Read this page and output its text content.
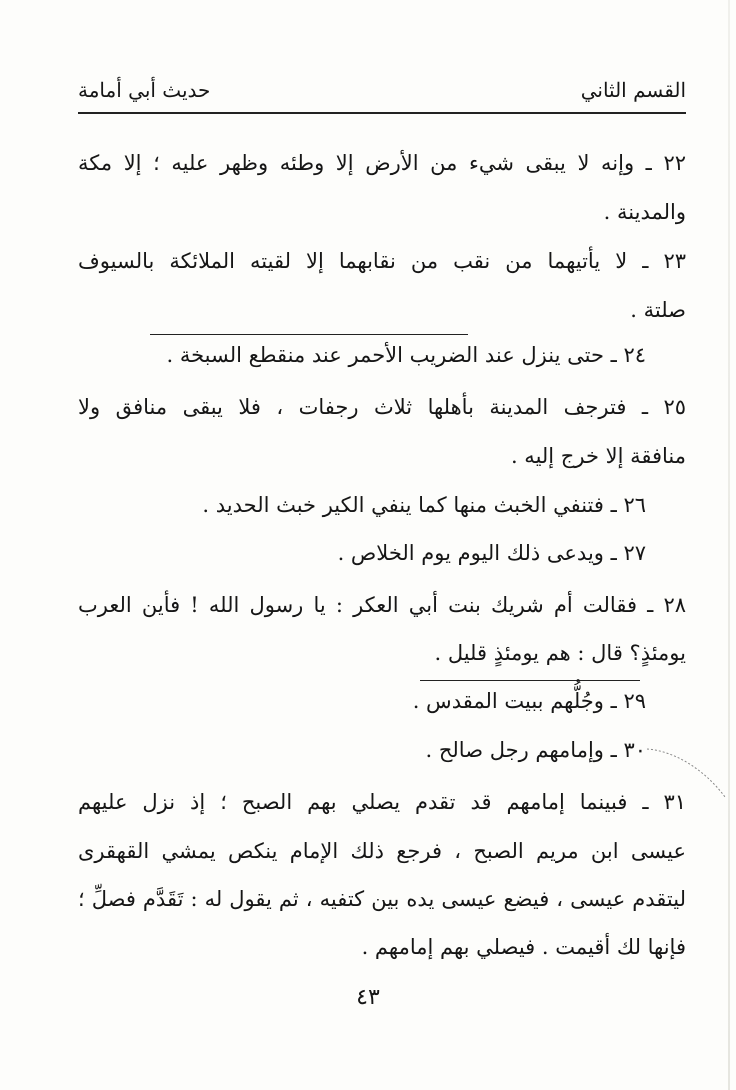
القسم الثاني
حديث أبي أمامة
٢٢ ـ وإنه لا يبقى شيء من الأرض إلا وطئه وظهر عليه ؛ إلا مكة
والمدينة .
٢٣ ـ لا يأتيهما من نقب من نقابهما إلا لقيته الملائكة بالسيوف
صلتة .
٢٤ ـ حتى ينزل عند الضريب الأحمر عند منقطع السبخة .
٢٥ ـ فترجف المدينة بأهلها ثلاث رجفات ، فلا يبقى منافق ولا
منافقة إلا خرج إليه .
٢٦ ـ فتنفي الخبث منها كما ينفي الكير خبث الحديد .
٢٧ ـ ويدعى ذلك اليوم يوم الخلاص .
٢٨ ـ فقالت أم شريك بنت أبي العكر : يا رسول الله ! فأين العرب
يومئذٍ؟ قال : هم يومئذٍ قليل .
٢٩ ـ وجُلُّهم ببيت المقدس .
٣٠ ـ وإمامهم رجل صالح .
٣١ ـ فبينما إمامهم قد تقدم يصلي بهم الصبح ؛ إذ نزل عليهم
عيسى ابن مريم الصبح ، فرجع ذلك الإمام ينكص يمشي القهقرى
ليتقدم عيسى ، فيضع عيسى يده بين كتفيه ، ثم يقول له : تَقَدَّم فصلِّ ؛
فإنها لك أقيمت . فيصلي بهم إمامهم .
٤٣
